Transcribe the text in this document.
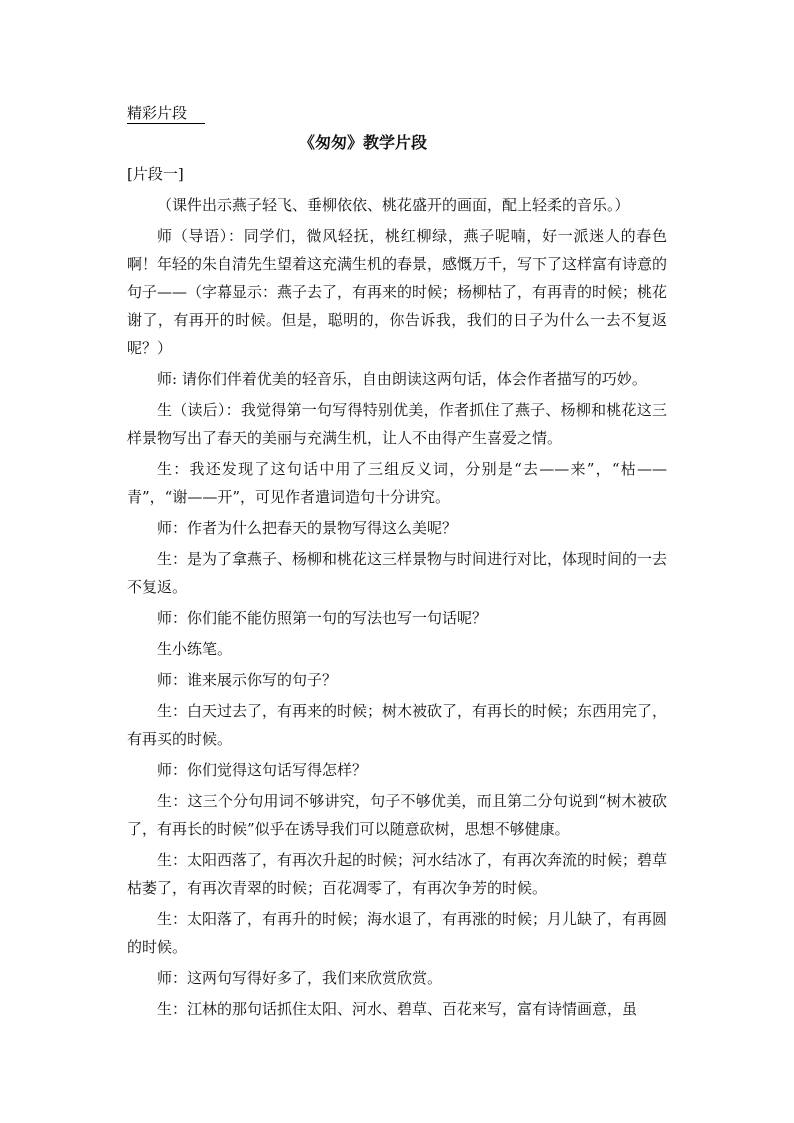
精彩片段
《匆匆》教学片段

[片段一]

（课件出示燕子轻飞、垂柳依依、桃花盛开的画面，配上轻柔的音乐。）

师（导语）：同学们，微风轻抚，桃红柳绿，燕子呢喃，好一派迷人的春色啊！年轻的朱自清先生望着这充满生机的春景，感慨万千，写下了这样富有诗意的句子——（字幕显示：燕子去了，有再来的时候；杨柳枯了，有再青的时候；桃花谢了，有再开的时候。但是，聪明的，你告诉我，我们的日子为什么一去不复返呢？）

师: 请你们伴着优美的轻音乐，自由朗读这两句话，体会作者描写的巧妙。

生（读后）：我觉得第一句写得特别优美，作者抓住了燕子、杨柳和桃花这三样景物写出了春天的美丽与充满生机，让人不由得产生喜爱之情。

生：我还发现了这句话中用了三组反义词，分别是“去——来”，“枯——青”，“谢——开”，可见作者遣词造句十分讲究。

师：作者为什么把春天的景物写得这么美呢？

生：是为了拿燕子、杨柳和桃花这三样景物与时间进行对比，体现时间的一去不复返。

师：你们能不能仿照第一句的写法也写一句话呢？

生小练笔。

师：谁来展示你写的句子？

生：白天过去了，有再来的时候；树木被砍了，有再长的时候；东西用完了，有再买的时候。

师：你们觉得这句话写得怎样？

生：这三个分句用词不够讲究，句子不够优美，而且第二分句说到“树木被砍了，有再长的时候”似乎在诱导我们可以随意砍树，思想不够健康。

生：太阳西落了，有再次升起的时候；河水结冰了，有再次奔流的时候；碧草枯萎了，有再次青翠的时候；百花凋零了，有再次争芳的时候。

生：太阳落了，有再升的时候；海水退了，有再涨的时候；月儿缺了，有再圆的时候。

师：这两句写得好多了，我们来欣赏欣赏。

生：江林的那句话抓住太阳、河水、碧草、百花来写，富有诗情画意，虽
